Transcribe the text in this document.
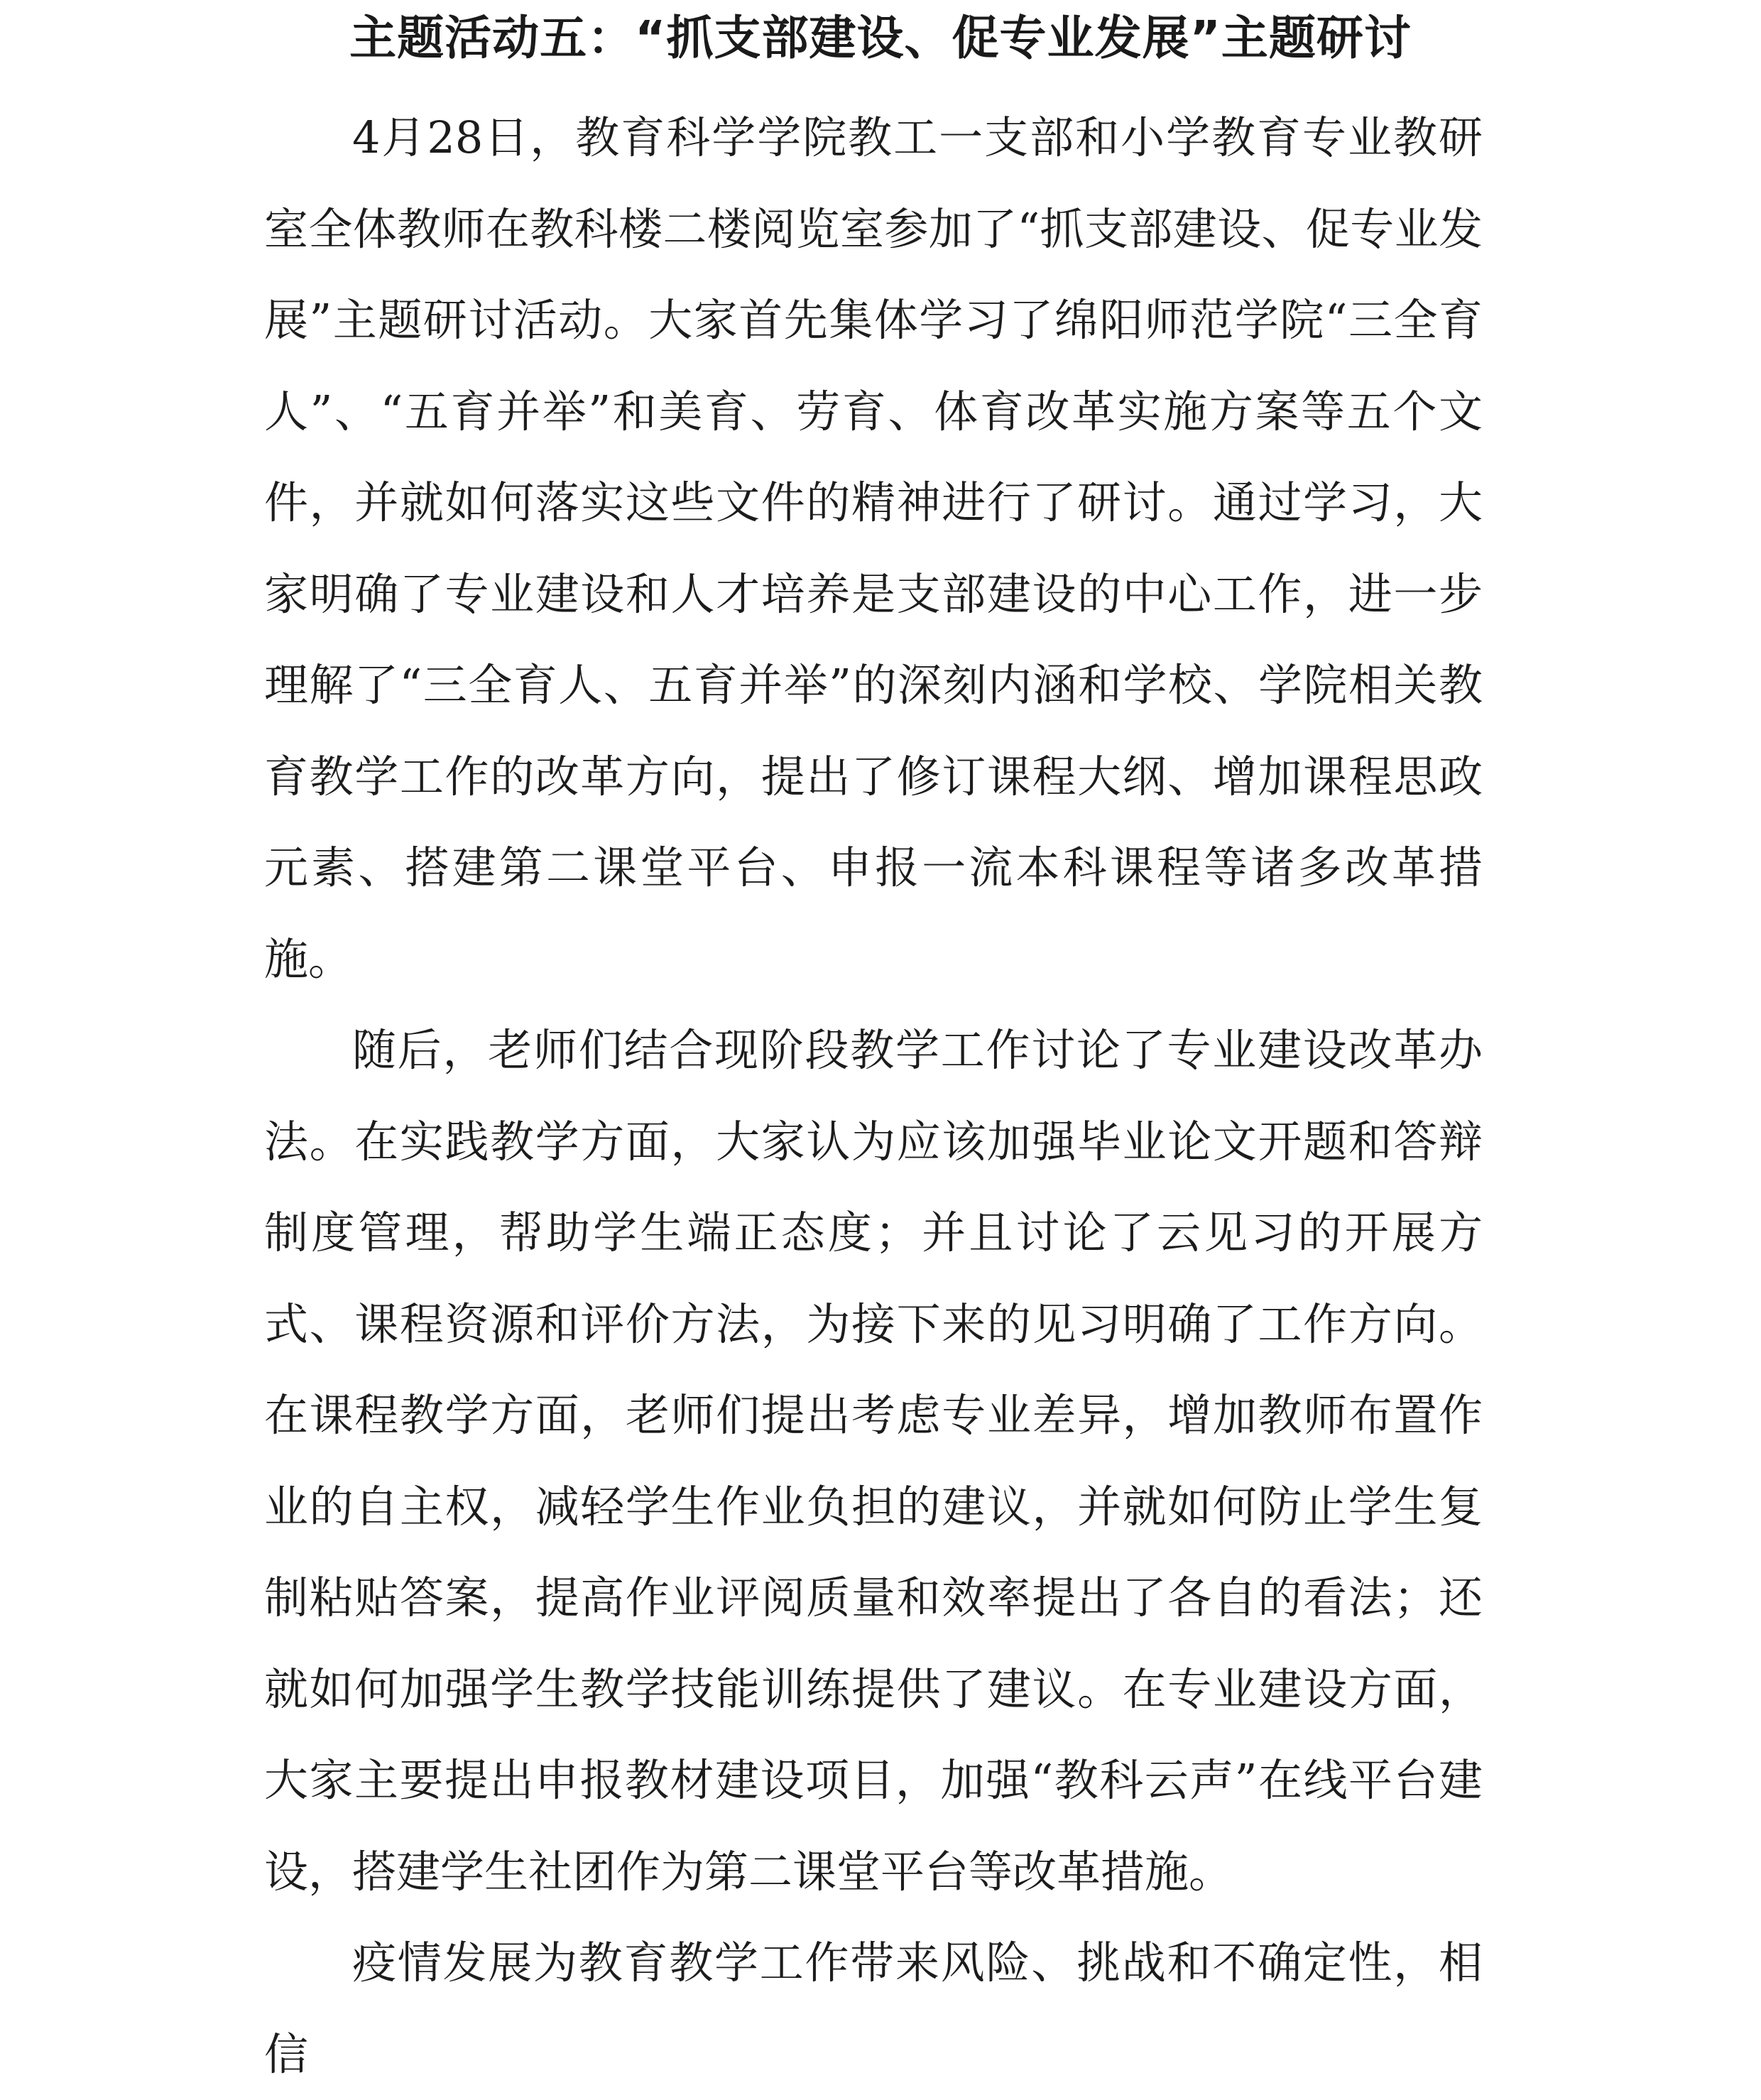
主题活动五：“抓支部建设、促专业发展”主题研讨

4月28日，教育科学学院教工一支部和小学教育专业教研室全体教师在教科楼二楼阅览室参加了“抓支部建设、促专业发展”主题研讨活动。大家首先集体学习了绵阳师范学院“三全育人”、“五育并举”和美育、劳育、体育改革实施方案等五个文件，并就如何落实这些文件的精神进行了研讨。通过学习，大家明确了专业建设和人才培养是支部建设的中心工作，进一步理解了“三全育人、五育并举”的深刻内涵和学校、学院相关教育教学工作的改革方向，提出了修订课程大纲、增加课程思政元素、搭建第二课堂平台、申报一流本科课程等诸多改革措施。

随后，老师们结合现阶段教学工作讨论了专业建设改革办法。在实践教学方面，大家认为应该加强毕业论文开题和答辩制度管理，帮助学生端正态度；并且讨论了云见习的开展方式、课程资源和评价方法，为接下来的见习明确了工作方向。在课程教学方面，老师们提出考虑专业差异，增加教师布置作业的自主权，减轻学生作业负担的建议，并就如何防止学生复制粘贴答案，提高作业评阅质量和效率提出了各自的看法；还就如何加强学生教学技能训练提供了建议。在专业建设方面，大家主要提出申报教材建设项目，加强“教科云声”在线平台建设，搭建学生社团作为第二课堂平台等改革措施。

疫情发展为教育教学工作带来风险、挑战和不确定性，相信
